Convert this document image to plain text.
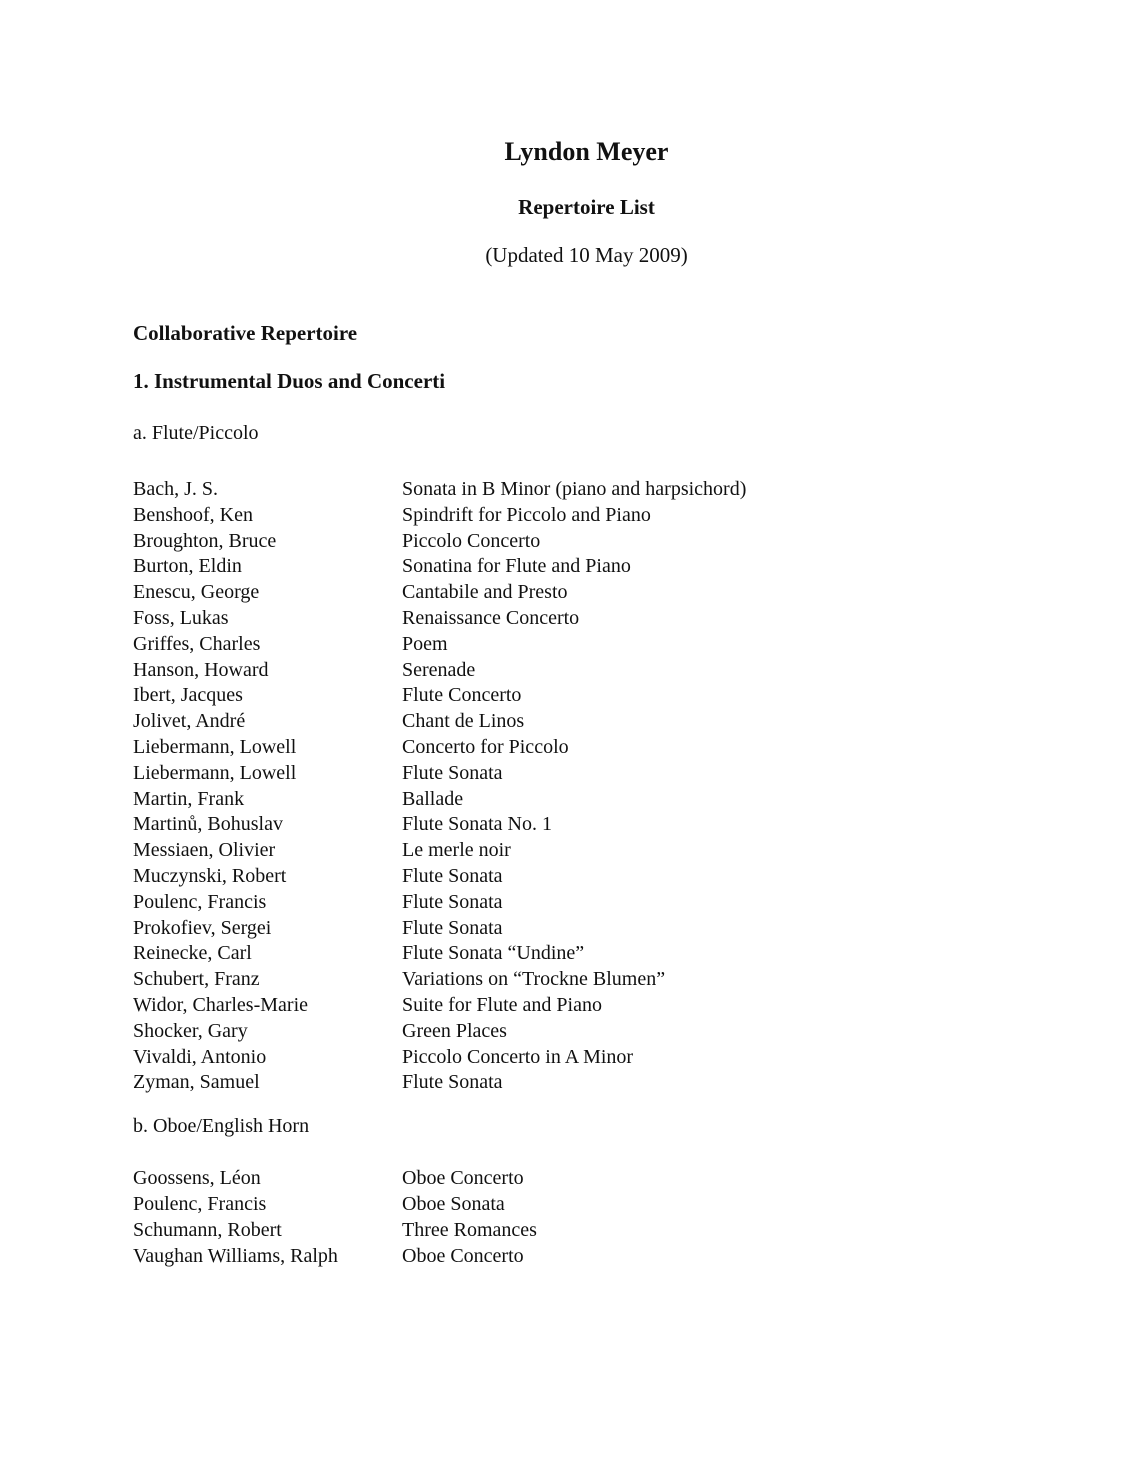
Lyndon Meyer
Repertoire List

(Updated 10 May 2009)

Collaborative Repertoire
1. Instrumental Duos and Concerti

a. Flute/Piccolo

Bach, J. S.	Sonata in B Minor (piano and harpsichord)
Benshoof, Ken	Spindrift for Piccolo and Piano
Broughton, Bruce	Piccolo Concerto
Burton, Eldin	Sonatina for Flute and Piano
Enescu, George	Cantabile and Presto
Foss, Lukas	Renaissance Concerto
Griffes, Charles	Poem
Hanson, Howard	Serenade
Ibert, Jacques	Flute Concerto
Jolivet, André	Chant de Linos
Liebermann, Lowell	Concerto for Piccolo
Liebermann, Lowell	Flute Sonata
Martin, Frank	Ballade
Martinů, Bohuslav	Flute Sonata No. 1
Messiaen, Olivier	Le merle noir
Muczynski, Robert	Flute Sonata
Poulenc, Francis	Flute Sonata
Prokofiev, Sergei	Flute Sonata
Reinecke, Carl	Flute Sonata “Undine”
Schubert, Franz	Variations on “Trockne Blumen”
Widor, Charles-Marie	Suite for Flute and Piano
Shocker, Gary	Green Places
Vivaldi, Antonio	Piccolo Concerto in A Minor
Zyman, Samuel	Flute Sonata

b. Oboe/English Horn

Goossens, Léon	Oboe Concerto
Poulenc, Francis	Oboe Sonata
Schumann, Robert	Three Romances
Vaughan Williams, Ralph	Oboe Concerto
